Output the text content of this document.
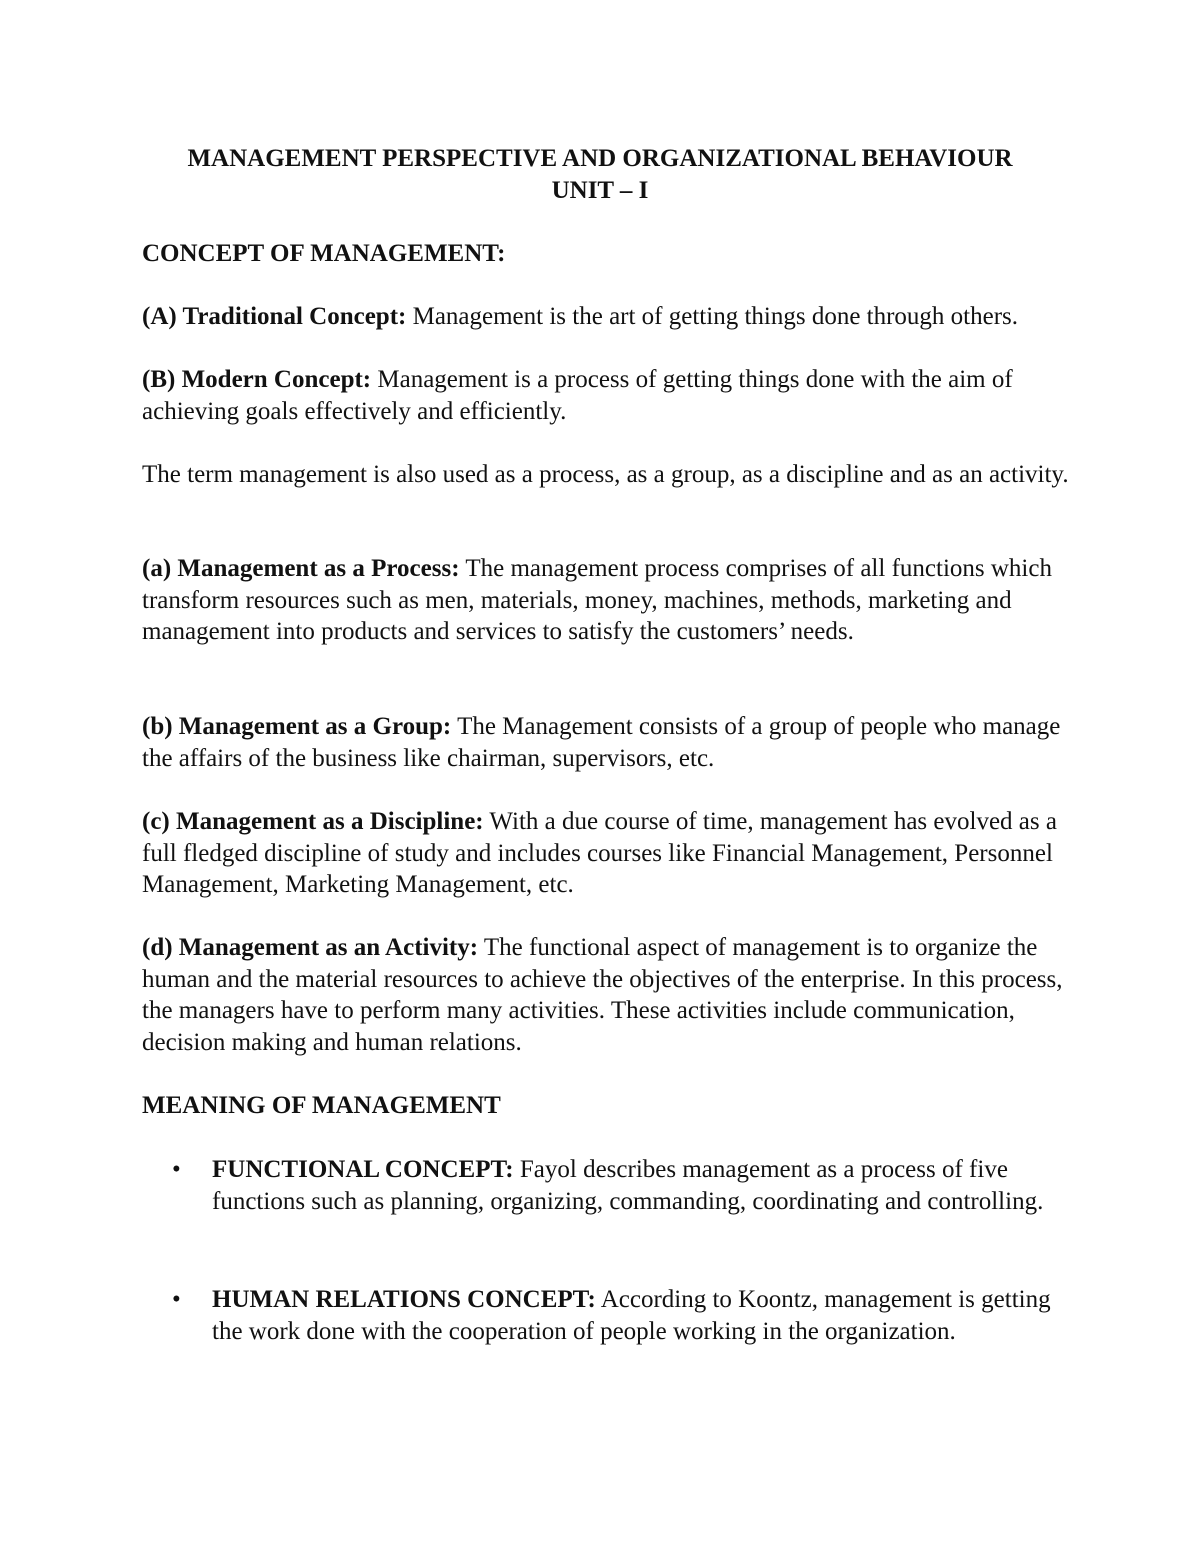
MANAGEMENT PERSPECTIVE AND ORGANIZATIONAL BEHAVIOUR
UNIT – I

CONCEPT OF MANAGEMENT:

(A) Traditional Concept: Management is the art of getting things done through others.

(B) Modern Concept: Management is a process of getting things done with the aim of achieving goals effectively and efficiently.

The term management is also used as a process, as a group, as a discipline and as an activity.

(a) Management as a Process: The management process comprises of all functions which transform resources such as men, materials, money, machines, methods, marketing and management into products and services to satisfy the customers’ needs.

(b) Management as a Group: The Management consists of a group of people who manage the affairs of the business like chairman, supervisors, etc.

(c) Management as a Discipline: With a due course of time, management has evolved as a full fledged discipline of study and includes courses like Financial Management, Personnel Management, Marketing Management, etc.

(d) Management as an Activity: The functional aspect of management is to organize the human and the material resources to achieve the objectives of the enterprise. In this process, the managers have to perform many activities. These activities include communication, decision making and human relations.

MEANING OF MANAGEMENT

•	FUNCTIONAL CONCEPT: Fayol describes management as a process of five functions such as planning, organizing, commanding, coordinating and controlling.
•	HUMAN RELATIONS CONCEPT: According to Koontz, management is getting the work done with the cooperation of people working in the organization.
